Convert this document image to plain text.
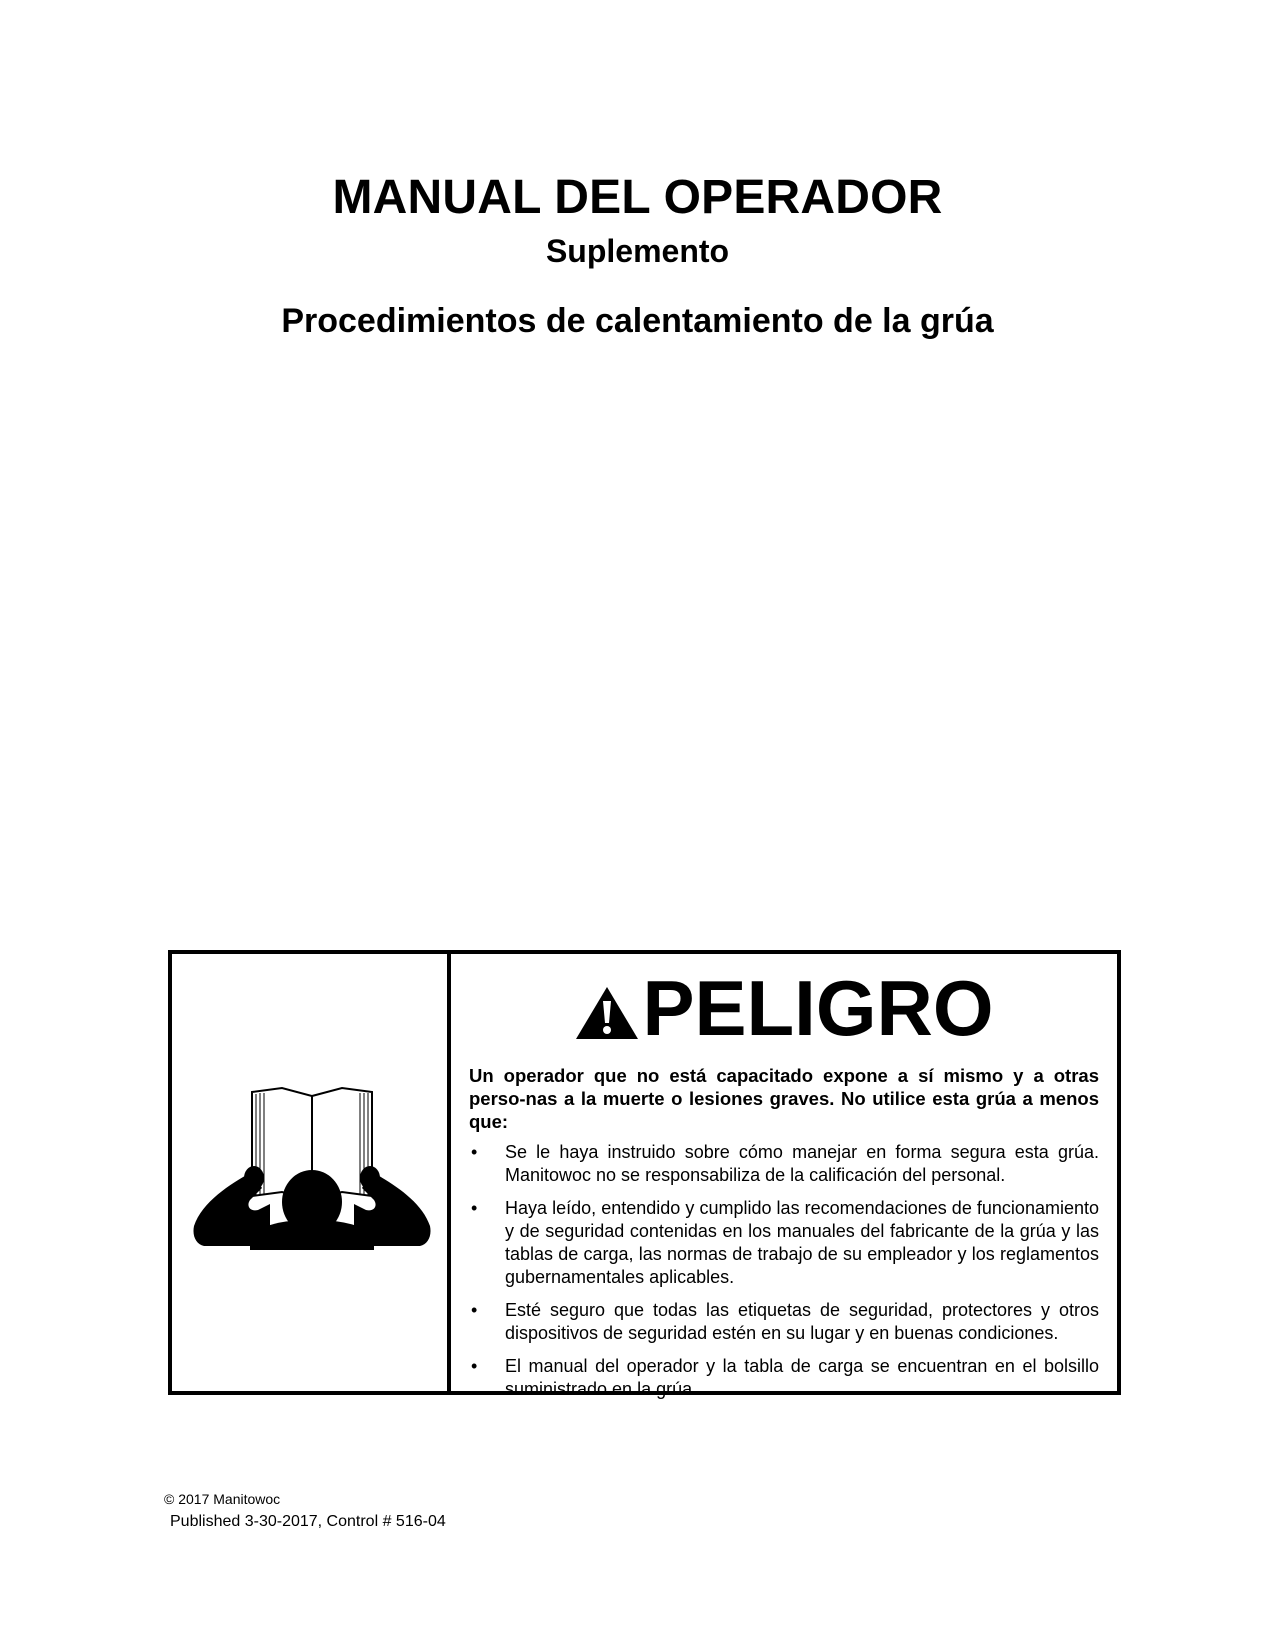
MANUAL DEL OPERADOR
Suplemento
Procedimientos de calentamiento de la grúa
PELIGRO

Un operador que no está capacitado expone a sí mismo y a otras perso-nas a la muerte o lesiones graves. No utilice esta grúa a menos que:

•	Se le haya instruido sobre cómo manejar en forma segura esta grúa. Manitowoc no se responsabiliza de la calificación del personal.
•	Haya leído, entendido y cumplido las recomendaciones de funcionamiento y de seguridad contenidas en los manuales del fabricante de la grúa y las tablas de carga, las normas de trabajo de su empleador y los reglamentos gubernamentales aplicables.
•	Esté seguro que todas las etiquetas de seguridad, protectores y otros dispositivos de seguridad estén en su lugar y en buenas condiciones.
•	El manual del operador y la tabla de carga se encuentran en el bolsillo suministrado en la grúa.
© 2017 Manitowoc
Published 3-30-2017, Control # 516-04
